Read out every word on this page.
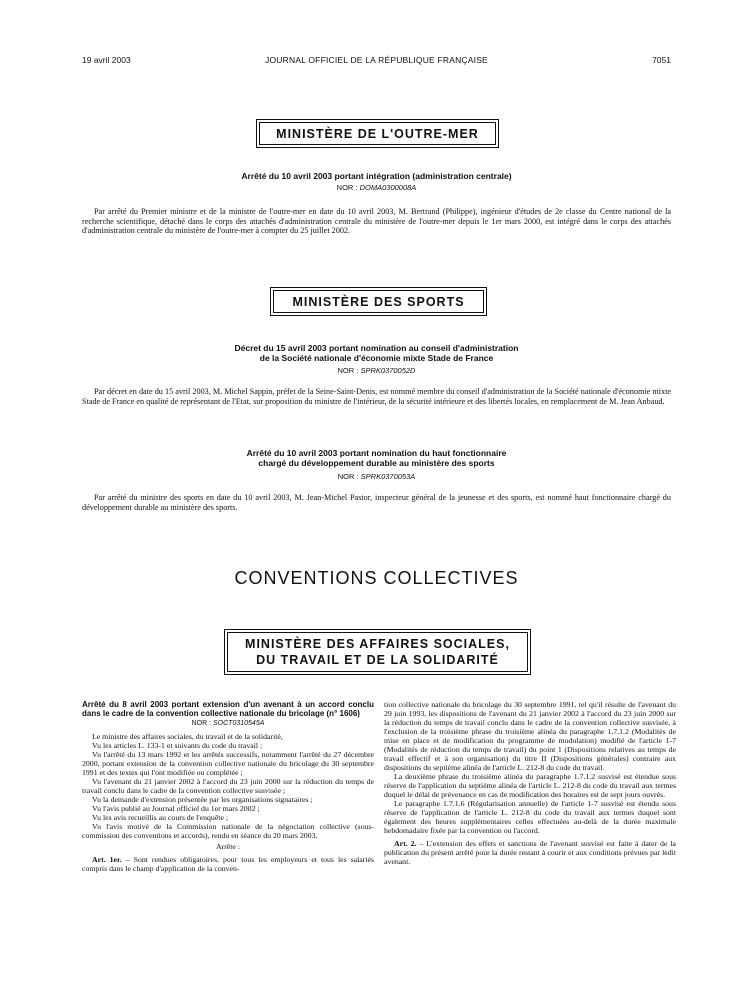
19 avril 2003	JOURNAL OFFICIEL DE LA RÉPUBLIQUE FRANÇAISE	7051
MINISTÈRE DE L'OUTRE-MER
Arrêté du 10 avril 2003 portant intégration (administration centrale)
NOR : DOMA0300008A
Par arrêté du Premier ministre et de la ministre de l'outre-mer en date du 10 avril 2003, M. Bertrand (Philippe), ingénieur d'études de 2e classe du Centre national de la recherche scientifique, détaché dans le corps des attachés d'administration centrale du ministère de l'outre-mer depuis le 1er mars 2000, est intégré dans le corps des attachés d'administration centrale du ministère de l'outre-mer à compter du 25 juillet 2002.
MINISTÈRE DES SPORTS
Décret du 15 avril 2003 portant nomination au conseil d'administration
de la Société nationale d'économie mixte Stade de France
NOR : SPRK0370052D
Par décret en date du 15 avril 2003, M. Michel Sappin, préfet de la Seine-Saint-Denis, est nommé membre du conseil d'administration de la Société nationale d'économie mixte Stade de France en qualité de représentant de l'Etat, sur proposition du ministre de l'intérieur, de la sécurité intérieure et des libertés locales, en remplacement de M. Jean Anbaud.
Arrêté du 10 avril 2003 portant nomination du haut fonctionnaire
chargé du développement durable au ministère des sports
NOR : SPRK0370053A
Par arrêté du ministre des sports en date du 10 avril 2003, M. Jean-Michel Pastor, inspecteur général de la jeunesse et des sports, est nommé haut fonctionnaire chargé du développement durable au ministère des sports.
CONVENTIONS COLLECTIVES
MINISTÈRE DES AFFAIRES SOCIALES,
DU TRAVAIL ET DE LA SOLIDARITÉ

Arrêté du 8 avril 2003 portant extension d'un avenant à un accord conclu dans le cadre de la convention collective nationale du bricolage (n° 1606)

NOR : SOCT0310545A

Le ministre des affaires sociales, du travail et de la solidarité,

Vu les articles L. 133-1 et suivants du code du travail ;

Vu l'arrêté du 13 mars 1992 et les arrêtés successifs, notamment l'arrêté du 27 décembre 2000, portant extension de la convention collective nationale du bricolage du 30 septembre 1991 et des textes qui l'ont modifiée ou complétée ;

Vu l'avenant du 21 janvier 2002 à l'accord du 23 juin 2000 sur la réduction du temps de travail conclu dans le cadre de la convention collective susvisée ;

Vu la demande d'extension présentée par les organisations signataires ;

Vu l'avis publié au Journal officiel du 1er mars 2002 ;

Vu les avis recueillis au cours de l'enquête ;

Vu l'avis motivé de la Commission nationale de la négociation collective (sous-commission des conventions et accords), rendu en séance du 20 mars 2003,

Arrête :

Art. 1er. – Sont rendues obligatoires, pour tous les employeurs et tous les salariés compris dans le champ d'application de la conven-

tion collective nationale du bricolage du 30 septembre 1991, tel qu'il résulte de l'avenant du 29 juin 1993, les dispositions de l'avenant du 21 janvier 2002 à l'accord du 23 juin 2000 sur la réduction du temps de travail conclu dans le cadre de la convention collective susvisée, à l'exclusion de la troisième phrase du troisième alinéa du paragraphe 1.7.1.2 (Modalités de mise en place et de modification du programme de modulation) modifié de l'article 1-7 (Modalités de réduction du temps de travail) du point 1 (Dispositions relatives au temps de travail effectif et à son organisation) du titre II (Dispositions générales) contraire aux dispositions du septième alinéa de l'article L. 212-8 du code du travail.

La deuxième phrase du troisième alinéa du paragraphe 1.7.1.2 susvisé est étendue sous réserve de l'application du septième alinéa de l'article L. 212-8 du code du travail aux termes duquel le délai de prévenance en cas de modification des horaires est de sept jours ouvrés.

Le paragraphe 1.7.1.6 (Régularisation annuelle) de l'article 1-7 susvisé est étendu sous réserve de l'application de l'article L. 212-8 du code du travail aux termes duquel sont également des heures supplémentaires celles effectuées au-delà de la durée maximale hebdomadaire fixée par la convention ou l'accord.

Art. 2. – L'extension des effets et sanctions de l'avenant susvisé est faite à dater de la publication du présent arrêté pour la durée restant à courir et aux conditions prévues par ledit avenant.
